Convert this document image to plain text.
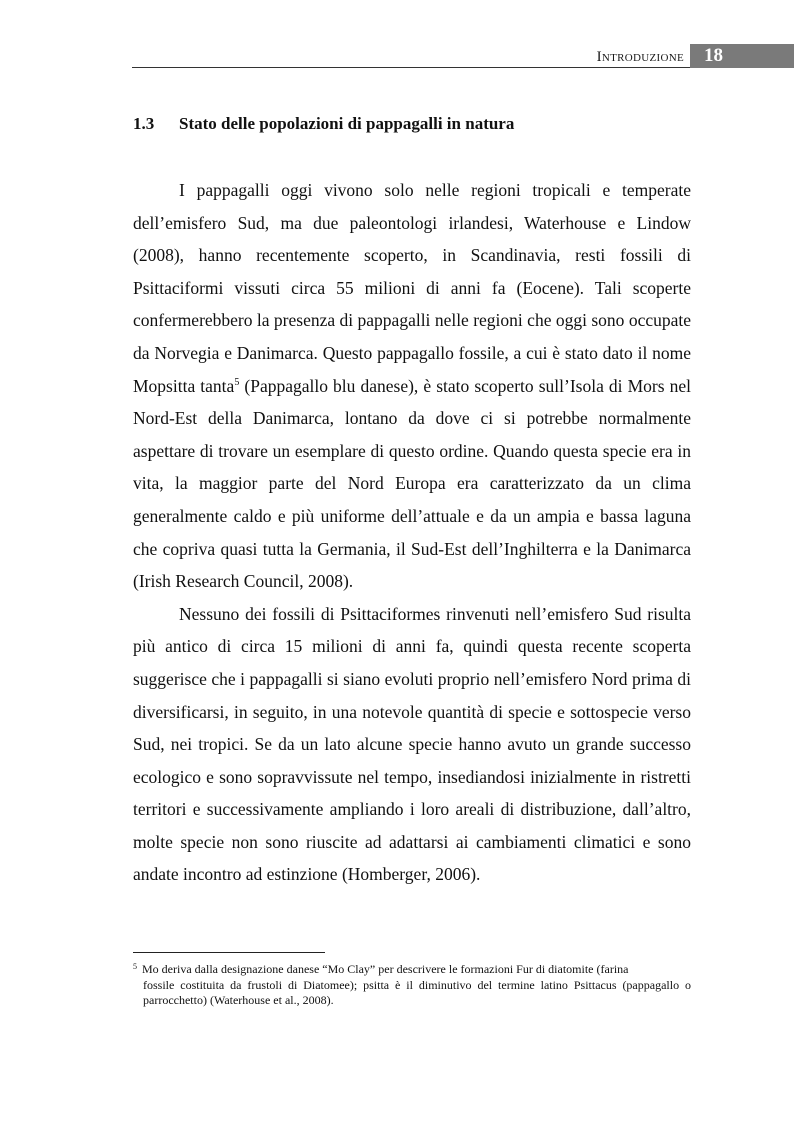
Introduzione 18
1.3 Stato delle popolazioni di pappagalli in natura

I pappagalli oggi vivono solo nelle regioni tropicali e temperate dell’emisfero Sud, ma due paleontologi irlandesi, Waterhouse e Lindow (2008), hanno recentemente scoperto, in Scandinavia, resti fossili di Psittaciformi vissuti circa 55 milioni di anni fa (Eocene). Tali scoperte confermerebbero la presenza di pappagalli nelle regioni che oggi sono occupate da Norvegia e Danimarca. Questo pappagallo fossile, a cui è stato dato il nome Mopsitta tanta$^5$ (Pappagallo blu danese), è stato scoperto sull’Isola di Mors nel Nord-Est della Danimarca, lontano da dove ci si potrebbe normalmente aspettare di trovare un esemplare di questo ordine. Quando questa specie era in vita, la maggior parte del Nord Europa era caratterizzato da un clima generalmente caldo e più uniforme dell’attuale e da un ampia e bassa laguna che copriva quasi tutta la Germania, il Sud-Est dell’Inghilterra e la Danimarca (Irish Research Council, 2008).

Nessuno dei fossili di Psittaciformes rinvenuti nell’emisfero Sud risulta più antico di circa 15 milioni di anni fa, quindi questa recente scoperta suggerisce che i pappagalli si siano evoluti proprio nell’emisfero Nord prima di diversificarsi, in seguito, in una notevole quantità di specie e sottospecie verso Sud, nei tropici. Se da un lato alcune specie hanno avuto un grande successo ecologico e sono sopravvissute nel tempo, insediandosi inizialmente in ristretti territori e successivamente ampliando i loro areali di distribuzione, dall’altro, molte specie non sono riuscite ad adattarsi ai cambiamenti climatici e sono andate incontro ad estinzione (Homberger, 2006).

$^5$ Mo deriva dalla designazione danese “Mo Clay” per descrivere le formazioni Fur di diatomite (farina
fossile costituita da frustoli di Diatomee); psitta è il diminutivo del termine latino Psittacus (pappagallo o parrocchetto) (Waterhouse et al., 2008).
